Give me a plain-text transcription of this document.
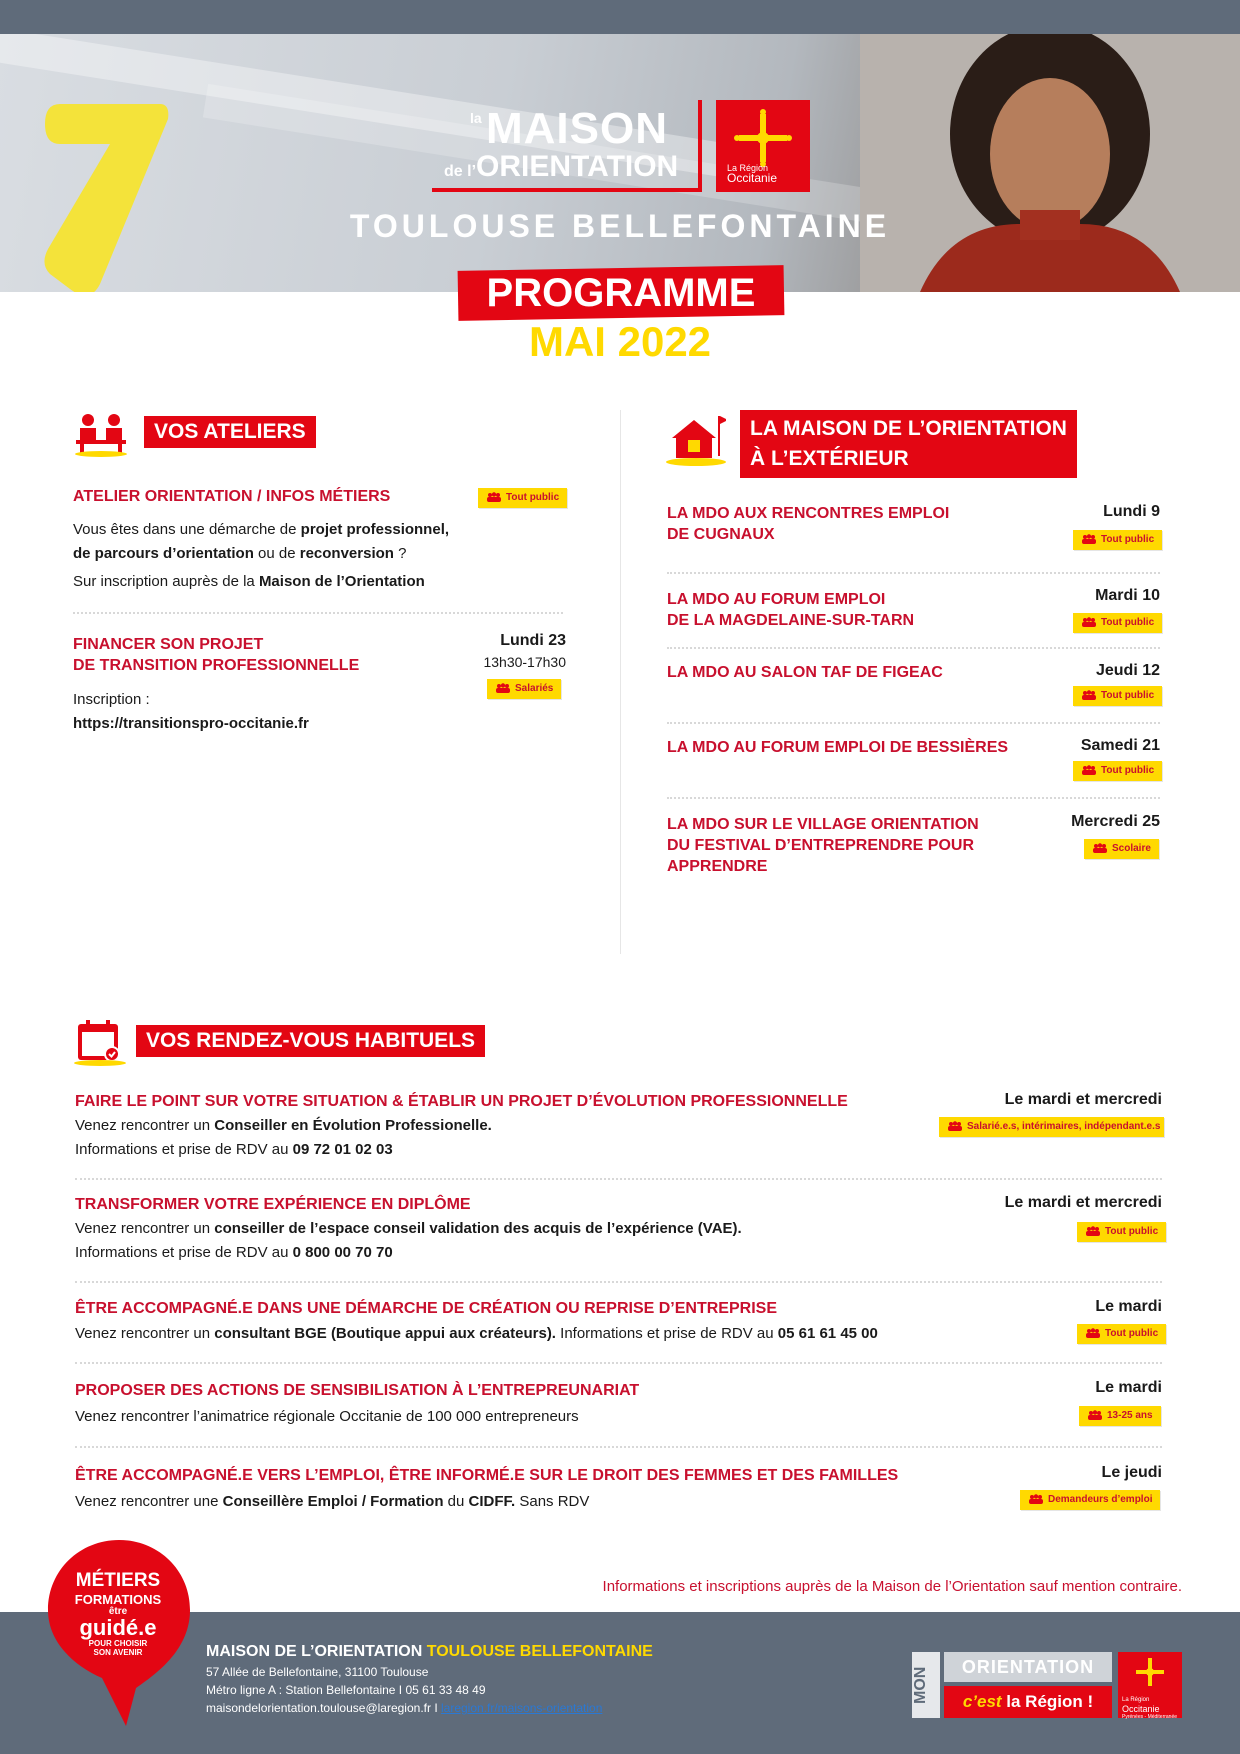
la MAISON
de l’ORIENTATION	La Région
Occitanie
TOULOUSE BELLEFONTAINE
PROGRAMME
MAI 2022
VOS ATELIERS
ATELIER ORIENTATION / INFOS MÉTIERS	Tout public
Vous êtes dans une démarche de projet professionnel,
de parcours d’orientation ou de reconversion ?
Sur inscription auprès de la Maison de l’Orientation
FINANCER SON PROJET
DE TRANSITION PROFESSIONNELLE
Lundi 23
13h30-17h30
Salariés
Inscription :
https://transitionspro-occitanie.fr
LA MAISON DE L’ORIENTATION
À L’EXTÉRIEUR
LA MDO AUX RENCONTRES EMPLOI
DE CUGNAUX
Lundi 9
Tout public
LA MDO AU FORUM EMPLOI
DE LA MAGDELAINE-SUR-TARN
Mardi 10
Tout public
LA MDO AU SALON TAF DE FIGEAC	Jeudi 12
Tout public
LA MDO AU FORUM EMPLOI DE BESSIÈRES	Samedi 21
Tout public
LA MDO SUR LE VILLAGE ORIENTATION
DU FESTIVAL D’ENTREPRENDRE POUR
APPRENDRE
Mercredi 25
Scolaire
VOS RENDEZ-VOUS HABITUELS
FAIRE LE POINT SUR VOTRE SITUATION & ÉTABLIR UN PROJET D’ÉVOLUTION PROFESSIONNELLE	Le mardi et mercredi
Salarié.e.s, intérimaires, indépendant.e.s
Venez rencontrer un Conseiller en Évolution Professionelle.
Informations et prise de RDV au 09 72 01 02 03
TRANSFORMER VOTRE EXPÉRIENCE EN DIPLÔME	Le mardi et mercredi
Tout public
Venez rencontrer un conseiller de l’espace conseil validation des acquis de l’expérience (VAE).
Informations et prise de RDV au 0 800 00 70 70
ÊTRE ACCOMPAGNÉ.E DANS UNE DÉMARCHE DE CRÉATION OU REPRISE D’ENTREPRISE	Le mardi
Tout public
Venez rencontrer un consultant BGE (Boutique appui aux créateurs). Informations et prise de RDV au 05 61 61 45 00
PROPOSER DES ACTIONS DE SENSIBILISATION À L’ENTREPREUNARIAT	Le mardi
13-25 ans
Venez rencontrer l’animatrice régionale Occitanie de 100 000 entrepreneurs
ÊTRE ACCOMPAGNÉ.E VERS L’EMPLOI, ÊTRE INFORMÉ.E SUR LE DROIT DES FEMMES ET DES FAMILLES	Le jeudi
Demandeurs d’emploi
Venez rencontrer une Conseillère Emploi / Formation du CIDFF. Sans RDV
Informations et inscriptions auprès de la Maison de l’Orientation sauf mention contraire.
MÉTIERS
FORMATIONS
être
guidé.e
POUR CHOISIR
SON AVENIR	MAISON DE L’ORIENTATION TOULOUSE BELLEFONTAINE
57 Allée de Bellefontaine, 31100 Toulouse
Métro ligne A : Station Bellefontaine I 05 61 33 48 49
maisondelorientation.toulouse@laregion.fr I laregion.fr/maisons-orientation
MON	ORIENTATION
c’est la Région !	La Région
Occitanie
Pyrénées - Méditerranée
